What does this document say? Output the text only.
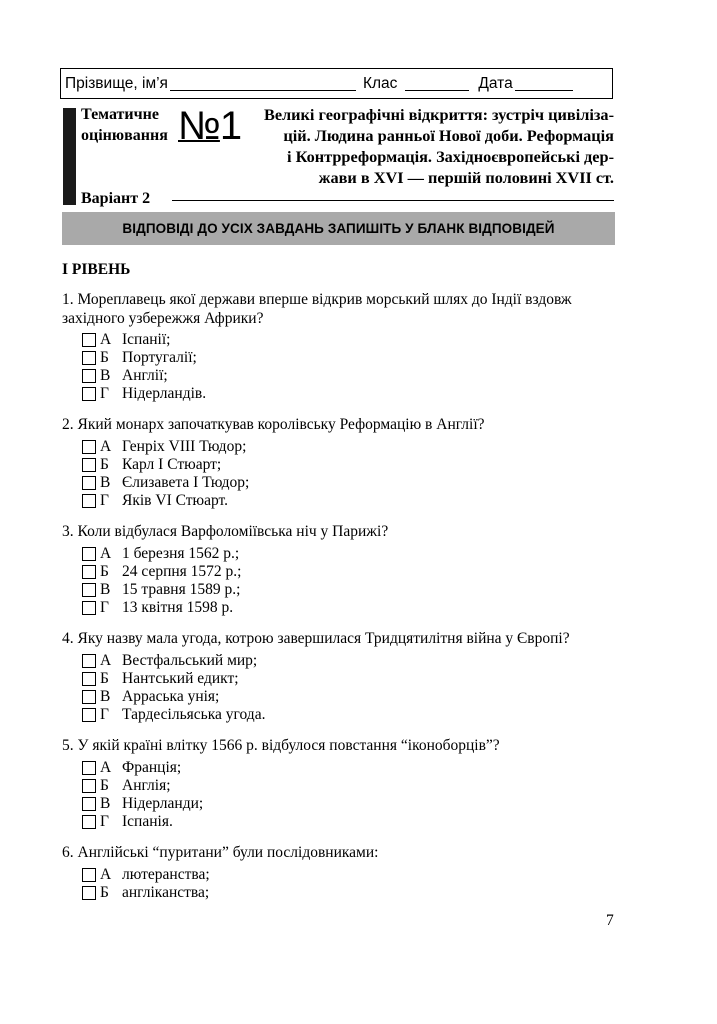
Прізвище, ім’я	Клас	Дата
Тематичне
оцінювання №1	Великі географічні відкриття: зустріч цивіліза-
цій. Людина ранньої Нової доби. Реформація
і Контрреформація. Західноєвропейські дер-
жави в XVI — першій половині XVII ст.
Варіант 2
ВІДПОВІДІ ДО УСІХ ЗАВДАНЬ ЗАПИШІТЬ У БЛАНК ВІДПОВІДЕЙ
І РІВЕНЬ
1. Мореплавець якої держави вперше відкрив морський шлях до Індії вздовж західного узбережжя Африки?
А Іспанії;
Б Португалії;
В Англії;
Г Нідерландів.
2. Який монарх започаткував королівську Реформацію в Англії?
А Генріх VIII Тюдор;
Б Карл І Стюарт;
В Єлизавета І Тюдор;
Г Яків VI Стюарт.
3. Коли відбулася Варфоломіївська ніч у Парижі?
А 1 березня 1562 р.;
Б 24 серпня 1572 р.;
В 15 травня 1589 р.;
Г 13 квітня 1598 р.
4. Яку назву мала угода, котрою завершилася Тридцятилітня війна у Європі?
А Вестфальський мир;
Б Нантський едикт;
В Арраська унія;
Г Тардесільяська угода.
5. У якій країні влітку 1566 р. відбулося повстання “іконоборців”?
А Франція;
Б Англія;
В Нідерланди;
Г Іспанія.
6. Англійські “пуритани” були послідовниками:
А лютеранства;
Б англіканства;
7
